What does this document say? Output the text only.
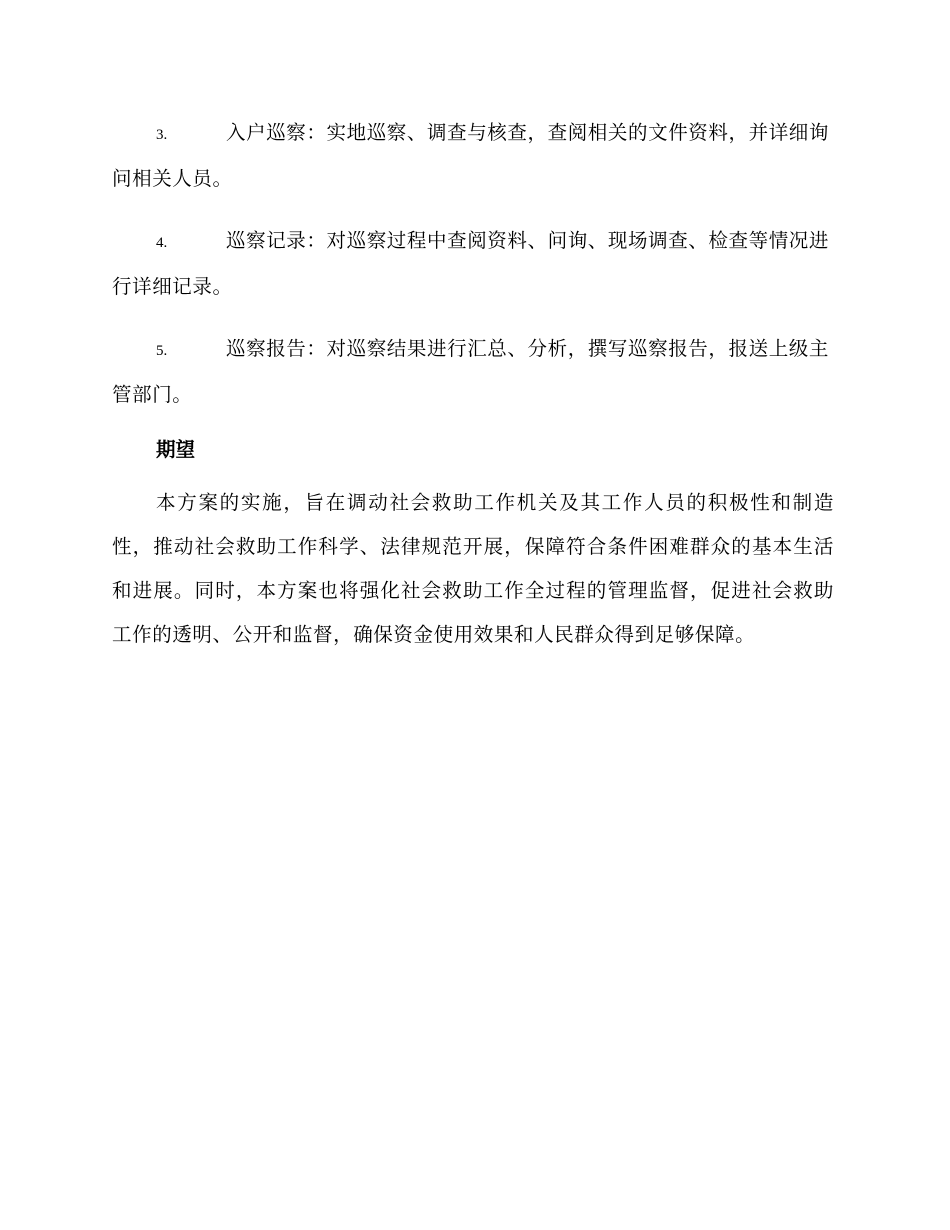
3.	入户巡察：实地巡察、调查与核查，查阅相关的文件资料，并详细询问相关人员。
4.	巡察记录：对巡察过程中查阅资料、问询、现场调查、检查等情况进行详细记录。
5.	巡察报告：对巡察结果进行汇总、分析，撰写巡察报告，报送上级主管部门。
期望

本方案的实施，旨在调动社会救助工作机关及其工作人员的积极性和制造性，推动社会救助工作科学、法律规范开展，保障符合条件困难群众的基本生活和进展。同时，本方案也将强化社会救助工作全过程的管理监督，促进社会救助工作的透明、公开和监督，确保资金使用效果和人民群众得到足够保障。
